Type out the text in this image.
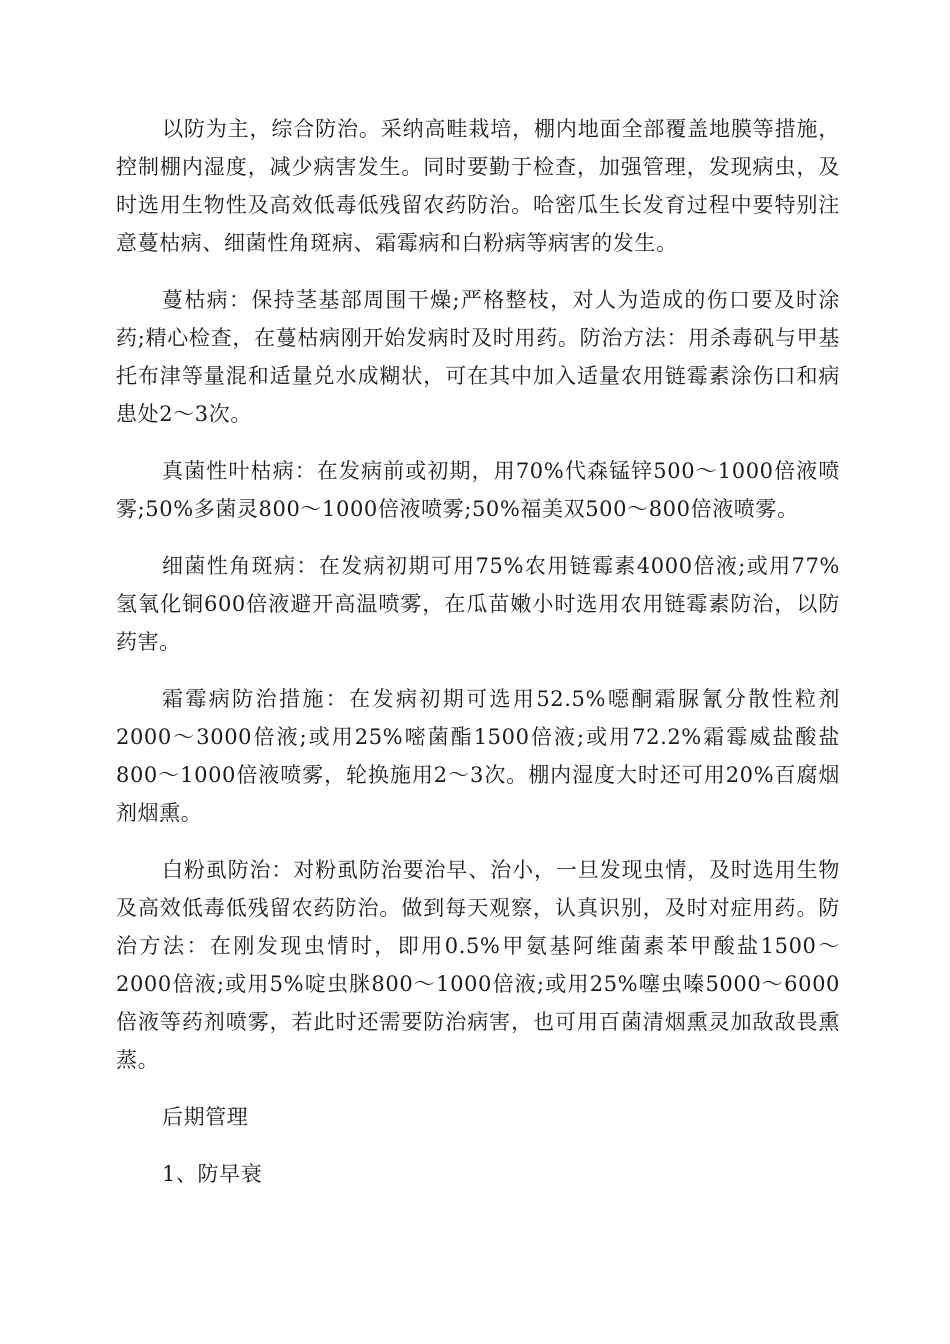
以防为主，综合防治。采纳高畦栽培，棚内地面全部覆盖地膜等措施，控制棚内湿度，减少病害发生。同时要勤于检查，加强管理，发现病虫，及时选用生物性及高效低毒低残留农药防治。哈密瓜生长发育过程中要特别注意蔓枯病、细菌性角斑病、霜霉病和白粉病等病害的发生。

蔓枯病：保持茎基部周围干燥;严格整枝，对人为造成的伤口要及时涂药;精心检查，在蔓枯病刚开始发病时及时用药。防治方法：用杀毒矾与甲基托布津等量混和适量兑水成糊状，可在其中加入适量农用链霉素涂伤口和病患处2～3次。

真菌性叶枯病：在发病前或初期，用70%代森锰锌500～1000倍液喷雾;50%多菌灵800～1000倍液喷雾;50%福美双500～800倍液喷雾。

细菌性角斑病：在发病初期可用75%农用链霉素4000倍液;或用77%氢氧化铜600倍液避开高温喷雾，在瓜苗嫩小时选用农用链霉素防治，以防药害。

霜霉病防治措施：在发病初期可选用52.5%噁酮霜脲氰分散性粒剂2000～3000倍液;或用25%嘧菌酯1500倍液;或用72.2%霜霉威盐酸盐800～1000倍液喷雾，轮换施用2～3次。棚内湿度大时还可用20%百腐烟剂烟熏。

白粉虱防治：对粉虱防治要治早、治小，一旦发现虫情，及时选用生物及高效低毒低残留农药防治。做到每天观察，认真识别，及时对症用药。防治方法：在刚发现虫情时，即用0.5%甲氨基阿维菌素苯甲酸盐1500～2000倍液;或用5%啶虫脒800～1000倍液;或用25%噻虫嗪5000～6000倍液等药剂喷雾，若此时还需要防治病害，也可用百菌清烟熏灵加敌敌畏熏蒸。

后期管理

1、防早衰
